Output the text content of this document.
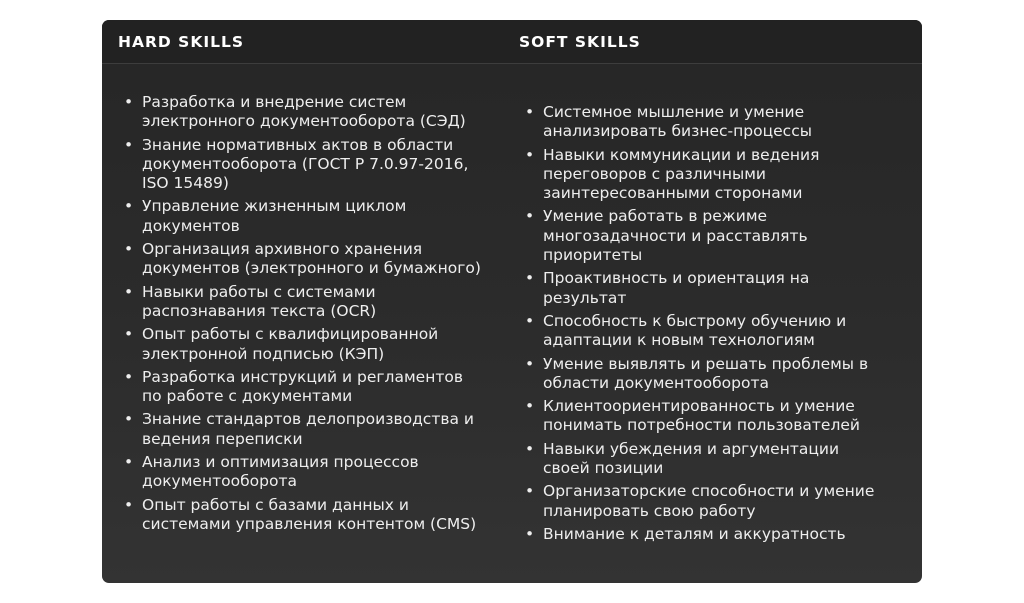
HARD SKILLS	SOFT SKILLS
• Разработка и внедрение систем электронного документооборота (СЭД)
• Знание нормативных актов в области документооборота (ГОСТ Р 7.0.97-2016, ISO 15489)
• Управление жизненным циклом документов
• Организация архивного хранения документов (электронного и бумажного)
• Навыки работы с системами распознавания текста (OCR)
• Опыт работы с квалифицированной электронной подписью (КЭП)
• Разработка инструкций и регламентов по работе с документами
• Знание стандартов делопроизводства и ведения переписки
• Анализ и оптимизация процессов документооборота
• Опыт работы с базами данных и системами управления контентом (CMS)
• Системное мышление и умение анализировать бизнес-процессы
• Навыки коммуникации и ведения переговоров с различными заинтересованными сторонами
• Умение работать в режиме многозадачности и расставлять приоритеты
• Проактивность и ориентация на результат
• Способность к быстрому обучению и адаптации к новым технологиям
• Умение выявлять и решать проблемы в области документооборота
• Клиентоориентированность и умение понимать потребности пользователей
• Навыки убеждения и аргументации своей позиции
• Организаторские способности и умение планировать свою работу
• Внимание к деталям и аккуратность
